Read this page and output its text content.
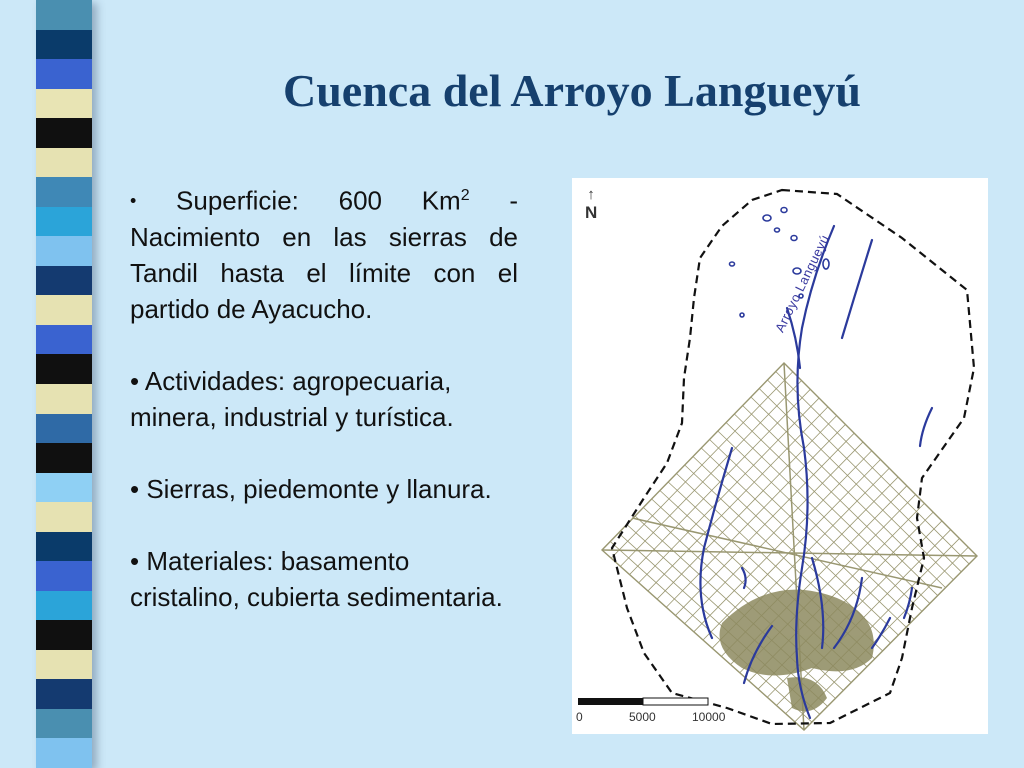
Cuenca del Arroyo Langueyú
• Superficie: 600 Km$^2$ - Nacimiento en las sierras de Tandil hasta el límite con el partido de Ayacucho.
• Actividades: agropecuaria, minera, industrial y turística.
• Sierras, piedemonte y llanura.
• Materiales: basamento cristalino, cubierta sedimentaria.
↑
N
Arroyo Langueyú
0	5000	10000
